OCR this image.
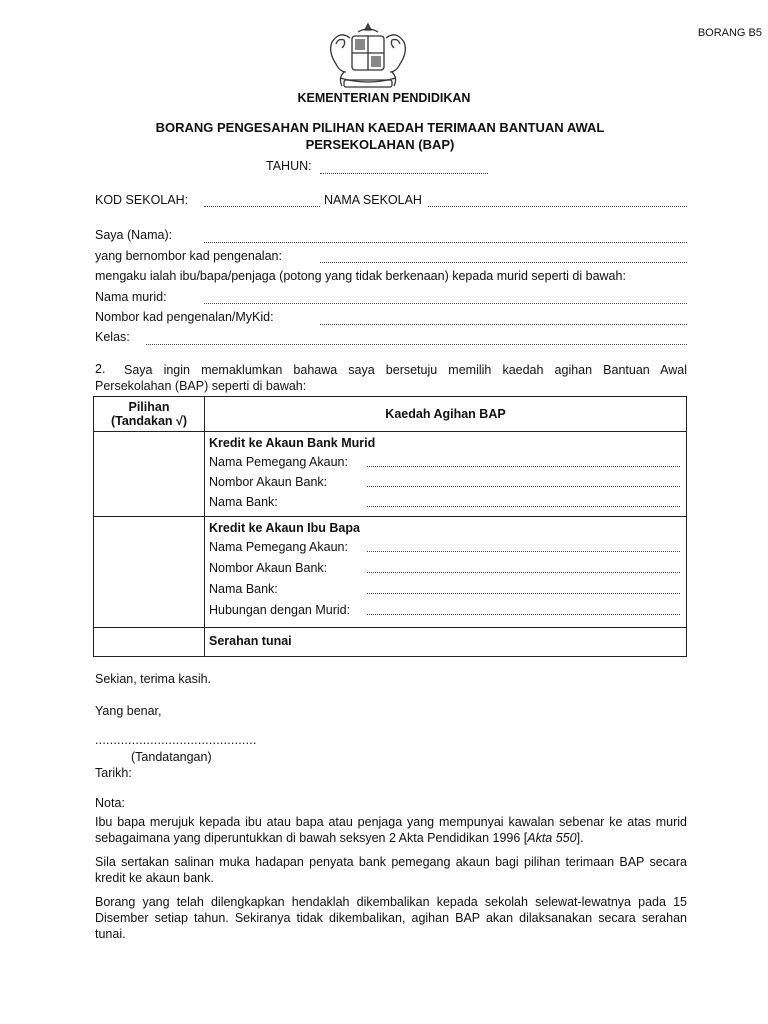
BORANG B5
KEMENTERIAN PENDIDIKAN
BORANG PENGESAHAN PILIHAN KAEDAH TERIMAAN BANTUAN AWAL PERSEKOLAHAN (BAP)
TAHUN:
KOD SEKOLAH:	NAMA SEKOLAH
Saya (Nama):
yang bernombor kad pengenalan:
mengaku ialah ibu/bapa/penjaga (potong yang tidak berkenaan) kepada murid seperti di bawah:
Nama murid:
Nombor kad pengenalan/MyKid:
Kelas:
2.	Saya ingin memaklumkan bahawa saya bersetuju memilih kaedah agihan Bantuan Awal Persekolahan (BAP) seperti di bawah:
Pilihan
(Tandakan √)	Kaedah Agihan BAP

	Kredit ke Akaun Bank Murid
Nama Pemegang Akaun:
Nombor Akaun Bank:
Nama Bank:

	Kredit ke Akaun Ibu Bapa
Nama Pemegang Akaun:
Nombor Akaun Bank:
Nama Bank:
Hubungan dengan Murid:

	Serahan tunai
Sekian, terima kasih.
Yang benar,
............................................
(Tandatangan)
Tarikh:
Nota:
Ibu bapa merujuk kepada ibu atau bapa atau penjaga yang mempunyai kawalan sebenar ke atas murid sebagaimana yang diperuntukkan di bawah seksyen 2 Akta Pendidikan 1996 [Akta 550].
Sila sertakan salinan muka hadapan penyata bank pemegang akaun bagi pilihan terimaan BAP secara kredit ke akaun bank.
Borang yang telah dilengkapkan hendaklah dikembalikan kepada sekolah selewat-lewatnya pada 15 Disember setiap tahun. Sekiranya tidak dikembalikan, agihan BAP akan dilaksanakan secara serahan tunai.
